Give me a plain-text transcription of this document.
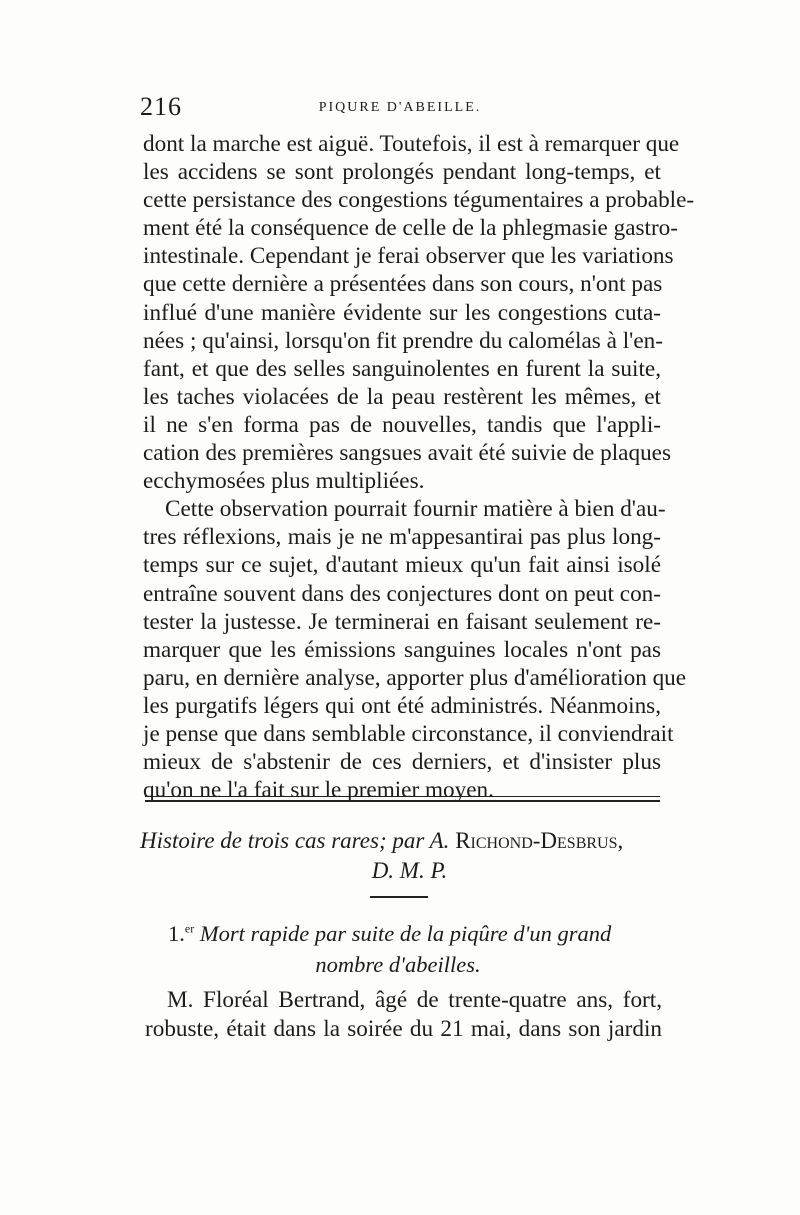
216	PIQURE D'ABEILLE.
dont la marche est aiguë. Toutefois, il est à remarquer que
les accidens se sont prolongés pendant long-temps, et
cette persistance des congestions tégumentaires a probable-
ment été la conséquence de celle de la phlegmasie gastro-
intestinale. Cependant je ferai observer que les variations
que cette dernière a présentées dans son cours, n'ont pas
influé d'une manière évidente sur les congestions cuta-
nées ; qu'ainsi, lorsqu'on fit prendre du calomélas à l'en-
fant, et que des selles sanguinolentes en furent la suite,
les taches violacées de la peau restèrent les mêmes, et
il ne s'en forma pas de nouvelles, tandis que l'appli-
cation des premières sangsues avait été suivie de plaques
ecchymosées plus multipliées.
Cette observation pourrait fournir matière à bien d'au-
tres réflexions, mais je ne m'appesantirai pas plus long-
temps sur ce sujet, d'autant mieux qu'un fait ainsi isolé
entraîne souvent dans des conjectures dont on peut con-
tester la justesse. Je terminerai en faisant seulement re-
marquer que les émissions sanguines locales n'ont pas
paru, en dernière analyse, apporter plus d'amélioration que
les purgatifs légers qui ont été administrés. Néanmoins,
je pense que dans semblable circonstance, il conviendrait
mieux de s'abstenir de ces derniers, et d'insister plus
qu'on ne l'a fait sur le premier moyen.
Histoire de trois cas rares; par A. Richond-Desbrus,
D. M. P.
1.$^{er}$ Mort rapide par suite de la piqûre d'un grand
nombre d'abeilles.
M. Floréal Bertrand, âgé de trente-quatre ans, fort,
robuste, était dans la soirée du 21 mai, dans son jardin
